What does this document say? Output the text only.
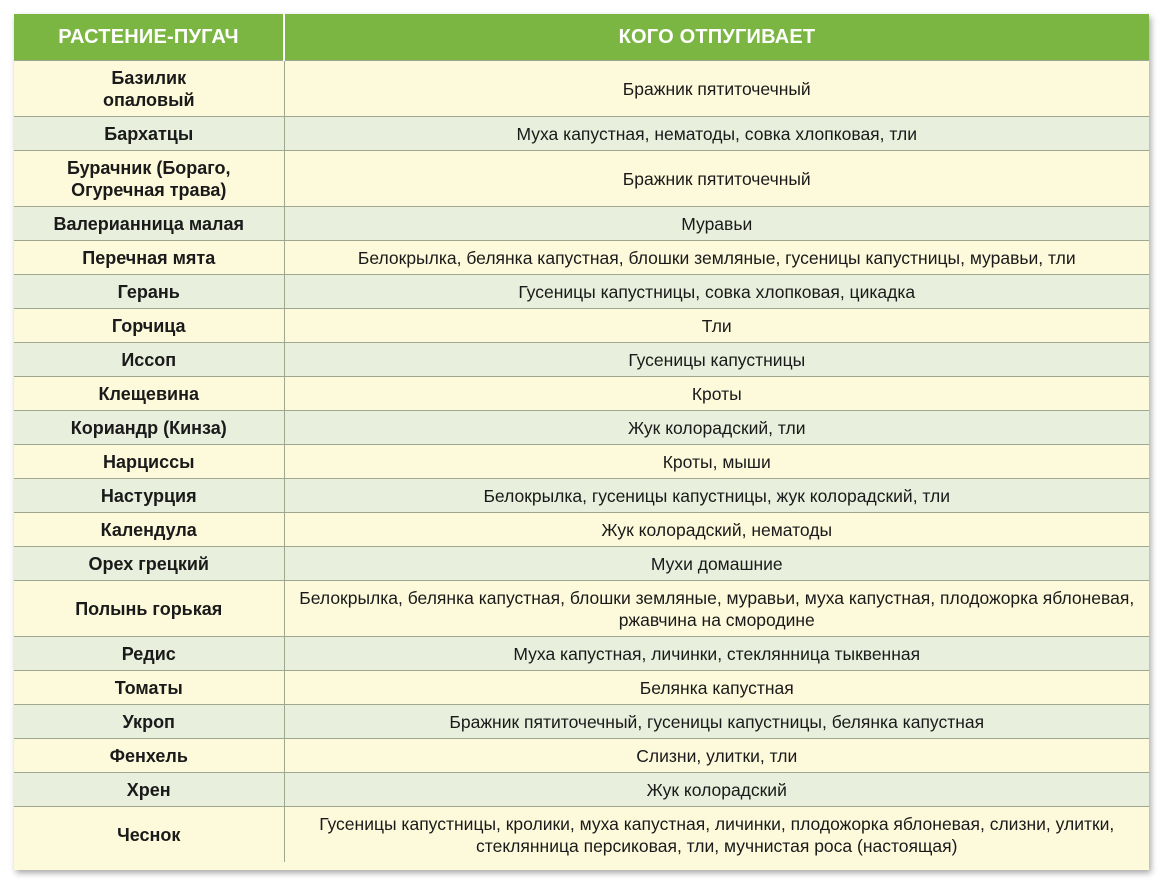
РАСТЕНИЕ-ПУГАЧ	КОГО ОТПУГИВАЕТ
Базилик опаловый	Бражник пятиточечный
Бархатцы	Муха капустная, нематоды, совка хлопковая, тли
Бурачник (Бораго, Огуречная трава)	Бражник пятиточечный
Валерианница малая	Муравьи
Перечная мята	Белокрылка, белянка капустная, блошки земляные, гусеницы капустницы, муравьи, тли
Герань	Гусеницы капустницы, совка хлопковая, цикадка
Горчица	Тли
Иссоп	Гусеницы капустницы
Клещевина	Кроты
Кориандр (Кинза)	Жук колорадский, тли
Нарциссы	Кроты, мыши
Настурция	Белокрылка, гусеницы капустницы, жук колорадский, тли
Календула	Жук колорадский, нематоды
Орех грецкий	Мухи домашние
Полынь горькая	Белокрылка, белянка капустная, блошки земляные, муравьи, муха капустная, плодожорка яблоневая, ржавчина на смородине
Редис	Муха капустная, личинки, стеклянница тыквенная
Томаты	Белянка капустная
Укроп	Бражник пятиточечный, гусеницы капустницы, белянка капустная
Фенхель	Слизни, улитки, тли
Хрен	Жук колорадский
Чеснок	Гусеницы капустницы, кролики, муха капустная, личинки, плодожорка яблоневая, слизни, улитки, стеклянница персиковая, тли, мучнистая роса (настоящая)
